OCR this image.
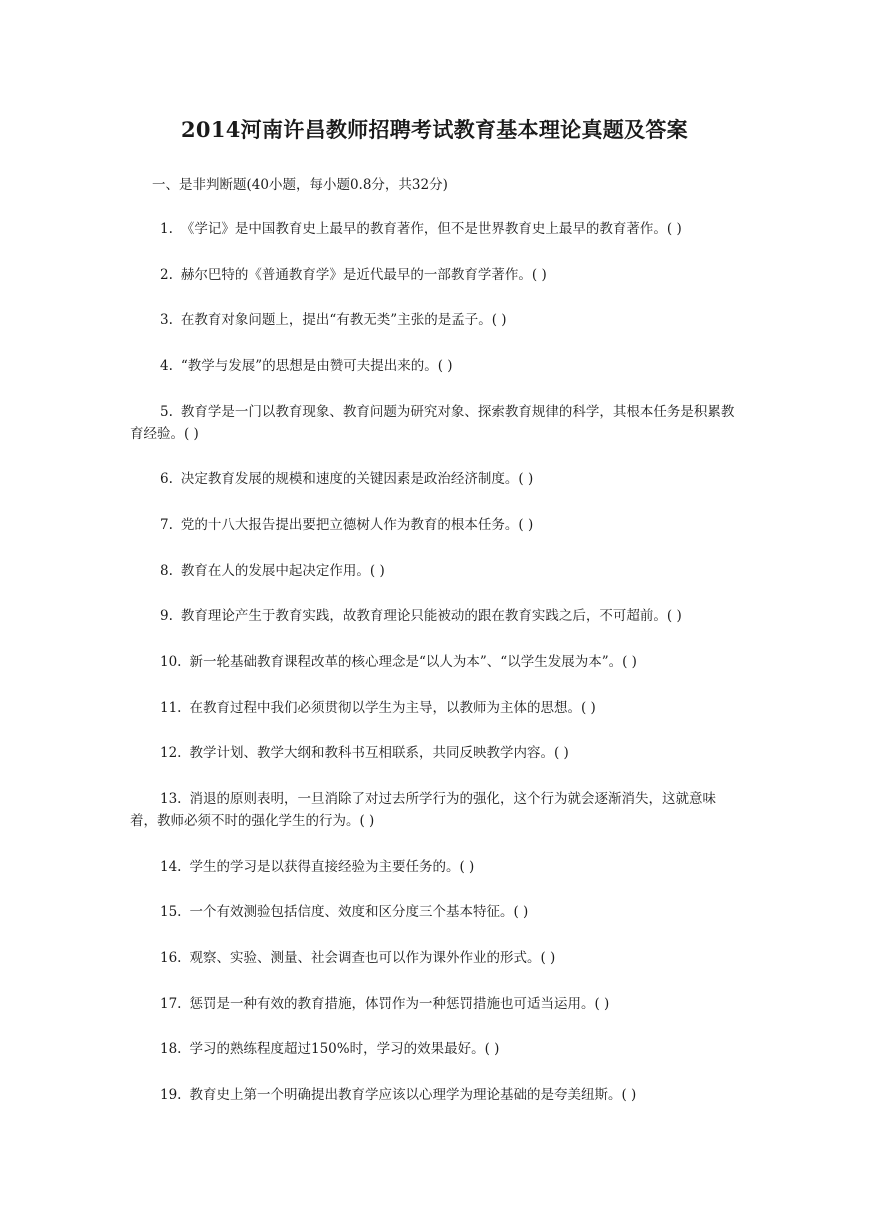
2014河南许昌教师招聘考试教育基本理论真题及答案
一、是非判断题(40小题，每小题0.8分，共32分)

1. 《学记》是中国教育史上最早的教育著作，但不是世界教育史上最早的教育著作。( )

2. 赫尔巴特的《普通教育学》是近代最早的一部教育学著作。( )

3. 在教育对象问题上，提出“有教无类”主张的是孟子。( )

4. “教学与发展”的思想是由赞可夫提出来的。( )

5. 教育学是一门以教育现象、教育问题为研究对象、探索教育规律的科学，其根本任务是积累教育经验。( )

6. 决定教育发展的规模和速度的关键因素是政治经济制度。( )

7. 党的十八大报告提出要把立德树人作为教育的根本任务。( )

8. 教育在人的发展中起决定作用。( )

9. 教育理论产生于教育实践，故教育理论只能被动的跟在教育实践之后，不可超前。( )

10. 新一轮基础教育课程改革的核心理念是“以人为本”、“以学生发展为本”。( )

11. 在教育过程中我们必须贯彻以学生为主导，以教师为主体的思想。( )

12. 教学计划、教学大纲和教科书互相联系，共同反映教学内容。( )

13. 消退的原则表明，一旦消除了对过去所学行为的强化，这个行为就会逐渐消失，这就意味着，教师必须不时的强化学生的行为。( )

14. 学生的学习是以获得直接经验为主要任务的。( )

15. 一个有效测验包括信度、效度和区分度三个基本特征。( )

16. 观察、实验、测量、社会调查也可以作为课外作业的形式。( )

17. 惩罚是一种有效的教育措施，体罚作为一种惩罚措施也可适当运用。( )

18. 学习的熟练程度超过150%时，学习的效果最好。( )

19. 教育史上第一个明确提出教育学应该以心理学为理论基础的是夸美纽斯。( )
